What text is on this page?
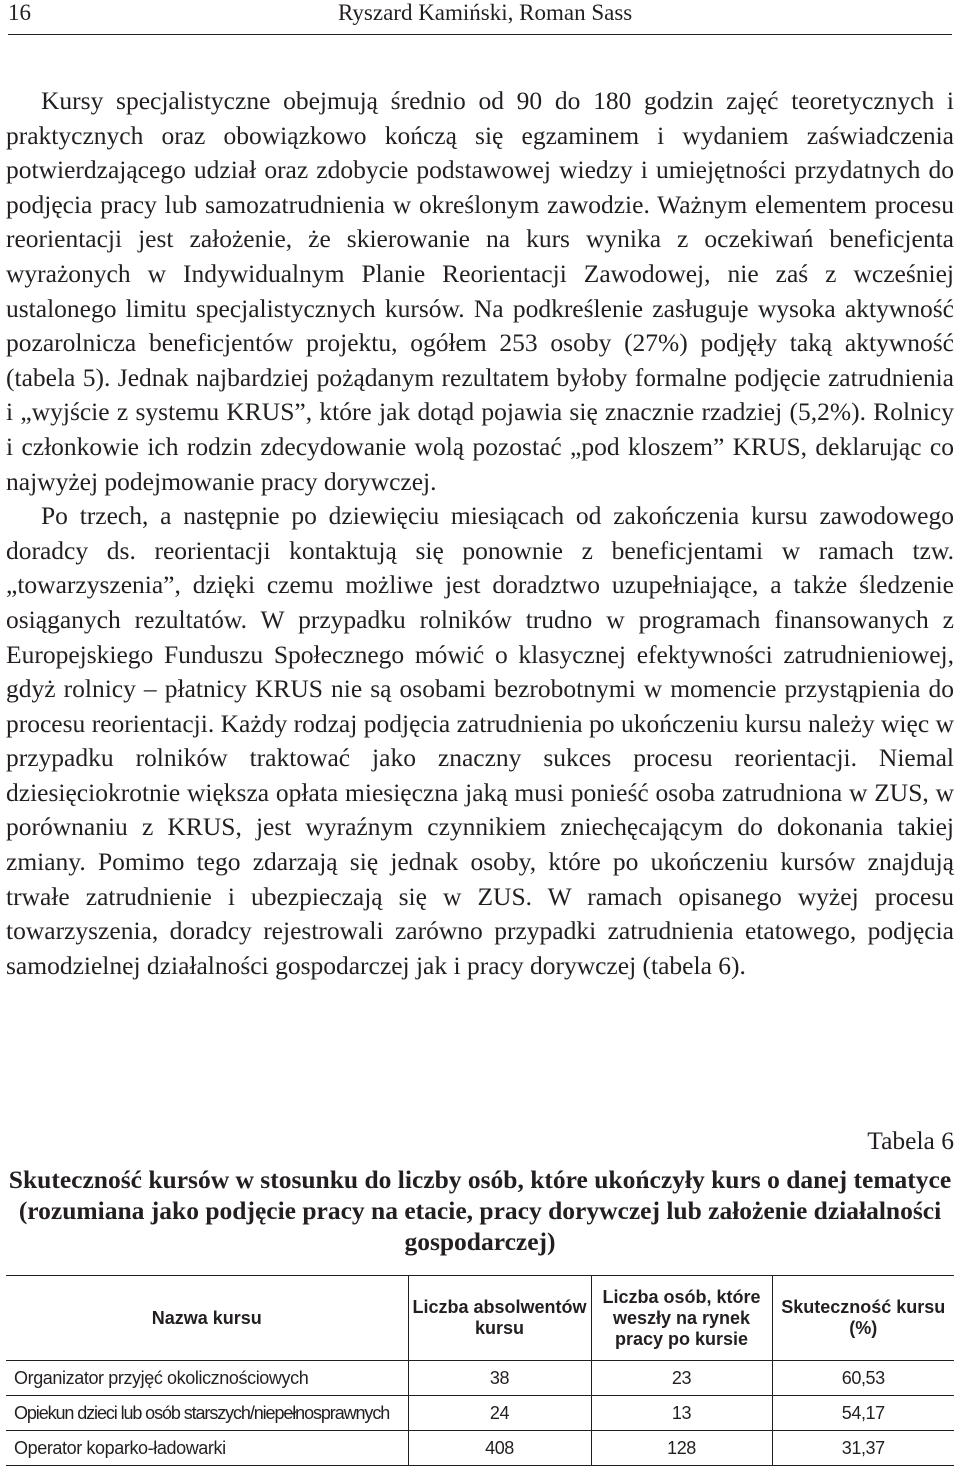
16	Ryszard Kamiński, Roman Sass

Kursy specjalistyczne obejmują średnio od 90 do 180 godzin zajęć teoretycznych i praktycznych oraz obowiązkowo kończą się egzaminem i wydaniem zaświadczenia potwierdzającego udział oraz zdobycie podstawowej wiedzy i umiejętności przydatnych do podjęcia pracy lub samozatrudnienia w określonym zawodzie. Ważnym elementem procesu reorientacji jest założenie, że skierowanie na kurs wynika z oczekiwań beneficjenta wyrażonych w Indywidualnym Planie Reorientacji Zawodowej, nie zaś z wcześniej ustalonego limitu specjalistycznych kursów. Na podkreślenie zasługuje wysoka aktywność pozarolnicza beneficjentów projektu, ogółem 253 osoby (27%) podjęły taką aktywność (tabela 5). Jednak najbardziej pożądanym rezultatem byłoby formalne podjęcie zatrudnienia i „wyjście z systemu KRUS”, które jak dotąd pojawia się znacznie rzadziej (5,2%). Rolnicy i członkowie ich rodzin zdecydowanie wolą pozostać „pod kloszem” KRUS, deklarując co najwyżej podejmowanie pracy dorywczej.

Po trzech, a następnie po dziewięciu miesiącach od zakończenia kursu zawodowego doradcy ds. reorientacji kontaktują się ponownie z beneficjentami w ramach tzw. „towarzyszenia”, dzięki czemu możliwe jest doradztwo uzupełniające, a także śledzenie osiąganych rezultatów. W przypadku rolników trudno w programach finansowanych z Europejskiego Funduszu Społecznego mówić o klasycznej efektywności zatrudnieniowej, gdyż rolnicy – płatnicy KRUS nie są osobami bezrobotnymi w momencie przystąpienia do procesu reorientacji. Każdy rodzaj podjęcia zatrudnienia po ukończeniu kursu należy więc w przypadku rolników traktować jako znaczny sukces procesu reorientacji. Niemal dziesięciokrotnie większa opłata miesięczna jaką musi ponieść osoba zatrudniona w ZUS, w porównaniu z KRUS, jest wyraźnym czynnikiem zniechęcającym do dokonania takiej zmiany. Pomimo tego zdarzają się jednak osoby, które po ukończeniu kursów znajdują trwałe zatrudnienie i ubezpieczają się w ZUS. W ramach opisanego wyżej procesu towarzyszenia, doradcy rejestrowali zarówno przypadki zatrudnienia etatowego, podjęcia samodzielnej działalności gospodarczej jak i pracy dorywczej (tabela 6).

Tabela 6
Skuteczność kursów w stosunku do liczby osób, które ukończyły kurs o danej tematyce (rozumiana jako podjęcie pracy na etacie, pracy dorywczej lub założenie działalności gospodarczej)
Nazwa kursu	Liczba absolwentów kursu	Liczba osób, które weszły na rynek pracy po kursie	Skuteczność kursu (%)
Organizator przyjęć okolicznościowych	38	23	60,53
Opiekun dzieci lub osób starszych/niepełnosprawnych	24	13	54,17
Operator koparko-ładowarki	408	128	31,37
